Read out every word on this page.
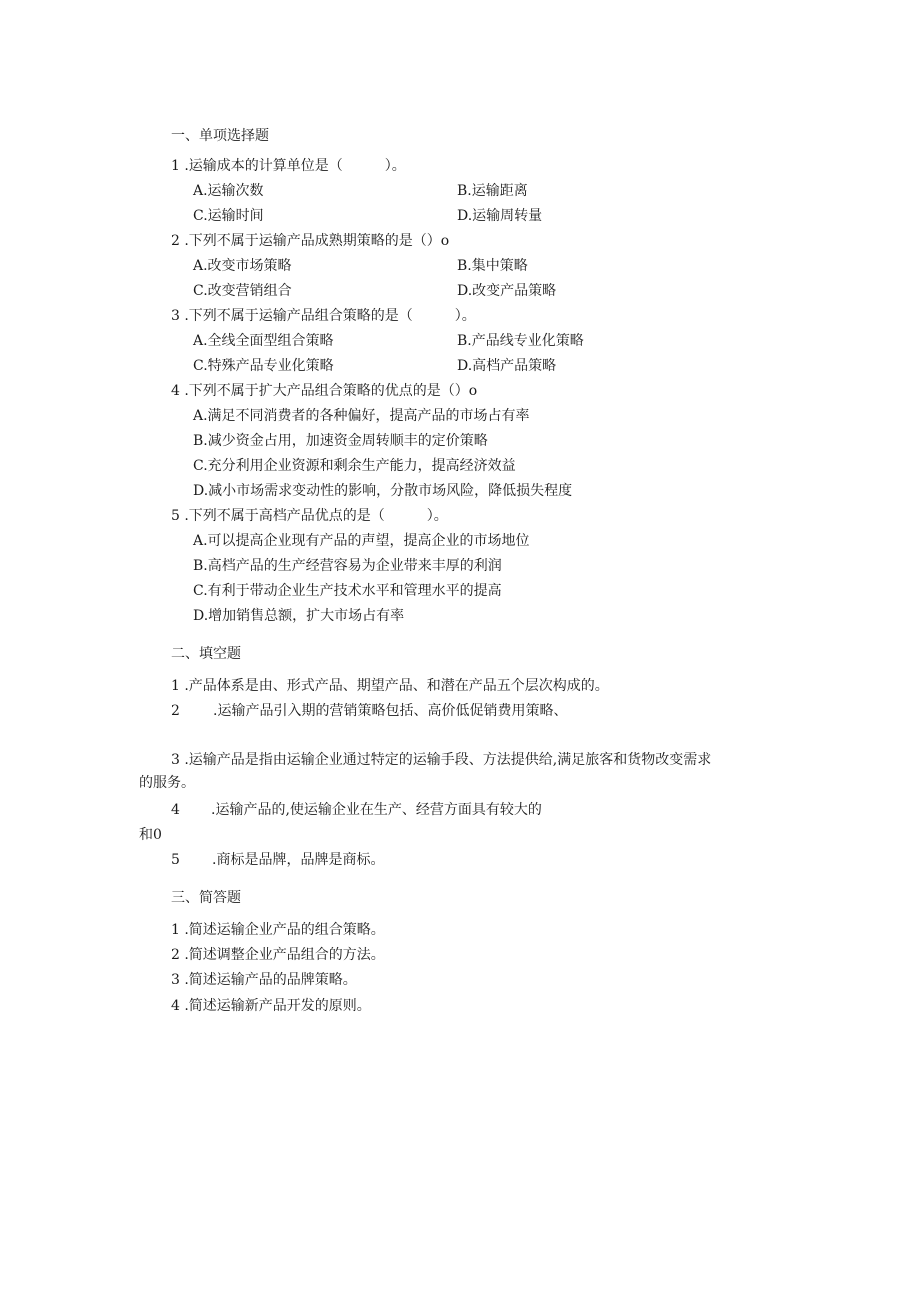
一、单项选择题
1 .运输成本的计算单位是（　　　）。
A.运输次数	B.运输距离
C.运输时间	D.运输周转量
2 .下列不属于运输产品成熟期策略的是（）o
A.改变市场策略	B.集中策略
C.改变营销组合	D.改变产品策略
3 .下列不属于运输产品组合策略的是（　　　）。
A.全线全面型组合策略	B.产品线专业化策略
C.特殊产品专业化策略	D.高档产品策略
4 .下列不属于扩大产品组合策略的优点的是（）o
A.满足不同消费者的各种偏好，提高产品的市场占有率
B.减少资金占用，加速资金周转顺丰的定价策略
C.充分利用企业资源和剩余生产能力，提高经济效益
D.减小市场需求变动性的影响，分散市场风险，降低损失程度
5 .下列不属于高档产品优点的是（　　　）。
A.可以提高企业现有产品的声望，提高企业的市场地位
B.高档产品的生产经营容易为企业带来丰厚的利润
C.有利于带动企业生产技术水平和管理水平的提高
D.增加销售总额，扩大市场占有率
二、填空题
1 .产品体系是由、形式产品、期望产品、和潜在产品五个层次构成的。
2 .运输产品引入期的营销策略包括、高价低促销费用策略、
3 .运输产品是指由运输企业通过特定的运输手段、方法提供给,满足旅客和货物改变需求
的服务。
4 .运输产品的,使运输企业在生产、经营方面具有较大的
和0
5 .商标是品牌，品牌是商标。
三、简答题
1 .简述运输企业产品的组合策略。
2 .简述调整企业产品组合的方法。
3 .简述运输产品的品牌策略。
4 .简述运输新产品开发的原则。
